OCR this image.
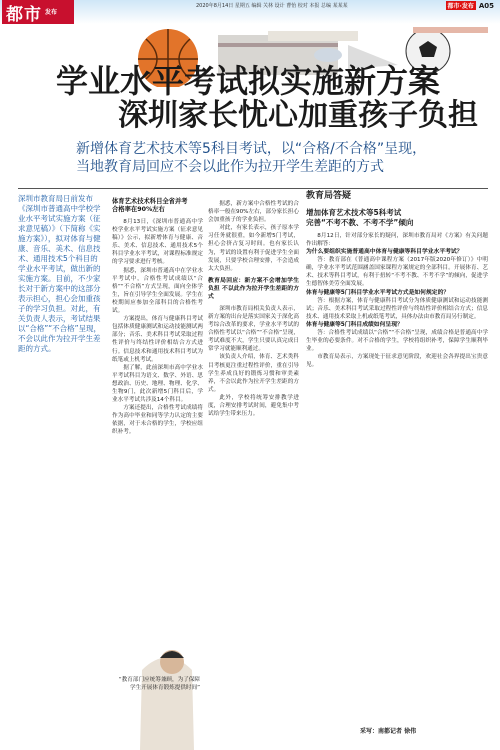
都市 发布
2020年8月14日 星期五 编辑 关林 设计 曹怡 校对 本报 总编 某某某	都市·发布 A05
学业水平考试拟实施新方案
深圳家长忧心加重孩子负担
新增体育艺术技术等5科目考试，以“合格/不合格”呈现，
当地教育局回应不会以此作为拉开学生差距的方式
深圳市教育局日前发布《深圳市普通高中学校学业水平考试实施方案（征求意见稿）》（下简称《实施方案》），拟对体育与健康、音乐、美术、信息技术、通用技术5个科目的学业水平考试，做出新的实施方案。目前，不少家长对于新方案中的这部分表示担心，担心会加重孩子的学习负担。对此，有关负责人表示，考试结果以“合格”“不合格”呈现，不会以此作为拉开学生差距的方式。
体育艺术技术科目全省并考
合格率在90%左右

8月13日，《深圳市普通高中学校学业水平考试实施方案（征求意见稿）》公示，拟新增体育与健康、音乐、美术、信息技术、通用技术5个科目学业水平考试，对课程标准规定的学习要求进行考核。

据悉，深圳市普通高中在学业水平考试中，合格性考试成绩以“合格”“不合格”方式呈现，面向全体学生，旨在引导学生全面发展。学生在校期间应参加全部科目的合格性考试。

方案提出，体育与健康科目考试包括体质健康测试和运动技能测试两部分；音乐、美术科目考试采取过程性评价与终结性评价相结合方式进行。信息技术和通用技术科目考试为纸笔或上机考试。

据了解，此前深圳市高中学业水平考试科目为语文、数学、外语、思想政治、历史、地理、物理、化学、生物9门，此次新增5门科目后，学业水平考试共涉及14个科目。

方案还提出，合格性考试成绩将作为高中毕业和同等学力认定的主要依据，对于未合格的学生，学校应组织补考。

“教育部门应统筹兼顾，为了保障学生开展体育锻炼提供时间”

据悉，新方案中合格性考试的合格率一般在90%左右，部分家长担心会加重孩子的学业负担。

对此，有家长表示，孩子原本学习任务就很重，如今新增5门考试，担心会挤占复习时间。也有家长认为，考试的设置有利于促进学生全面发展，只要学校合理安排，不会造成太大负担。

教育局回应：新方案不会增加学生负担 不以此作为拉开学生差距的方式

深圳市教育局相关负责人表示，新方案的出台是落实国家关于深化高考综合改革的要求，学业水平考试的合格性考试以“合格”“不合格”呈现，考试难度不大，学生只要认真完成日常学习就能顺利通过。

该负责人介绍，体育、艺术类科目考核更注重过程性评价，重在引导学生养成良好的锻炼习惯和审美素养，不会以此作为拉开学生差距的方式。

此外，学校将统筹安排教学进度，合理安排考试时间，避免集中考试给学生带来压力。

教育局答疑
增加体育艺术技术等5科考试
完善“不考不教、不考不学”倾向

8月12日，针对部分家长的疑问，深圳市教育局对《方案》有关问题作出解答：

为什么要组织实施普通高中体育与健康等科目学业水平考试？

答：教育部在《普通高中课程方案（2017年版2020年修订）》中明确，学业水平考试范围涵盖国家课程方案规定的全部科目。开展体育、艺术、技术等科目考试，有利于扭转“不考不教、不考不学”的倾向，促进学生德智体美劳全面发展。

体育与健康等5门科目学业水平考试方式是如何规定的？

答：根据方案，体育与健康科目考试分为体质健康测试和运动技能测试；音乐、美术科目考试采取过程性评价与终结性评价相结合方式；信息技术、通用技术采取上机或纸笔考试，具体办法由市教育局另行制定。

体育与健康等5门科目成绩如何呈现？

答：合格性考试成绩以“合格”“不合格”呈现，成绩合格是普通高中学生毕业的必要条件。对不合格的学生，学校将组织补考，保障学生顺利毕业。

市教育局表示，方案现处于征求意见阶段，欢迎社会各界提出宝贵意见。

采写：南都记者 徐伟
